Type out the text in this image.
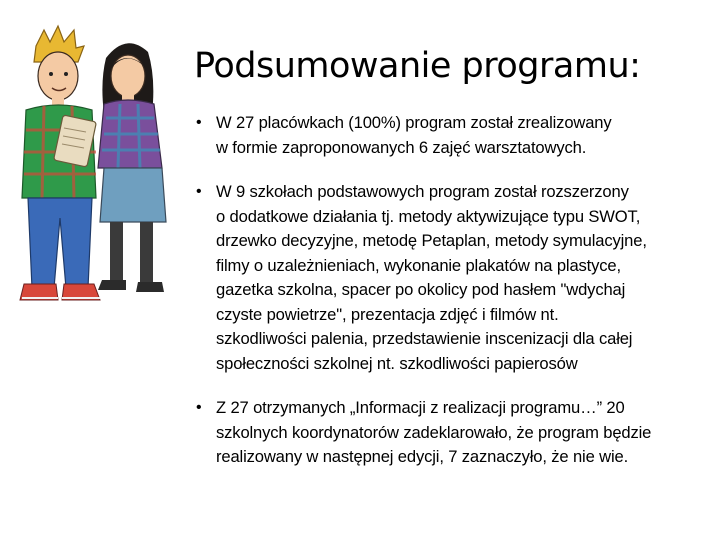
Podsumowanie programu:
• W 27 placówkach (100%) program został zrealizowany
w formie zaproponowanych 6 zajęć warsztatowych.
• W 9 szkołach podstawowych program został rozszerzony
o dodatkowe działania tj. metody aktywizujące typu SWOT,
drzewko decyzyjne, metodę Petaplan, metody symulacyjne,
filmy o uzależnieniach, wykonanie plakatów na plastyce,
gazetka szkolna, spacer po okolicy pod hasłem "wdychaj
czyste powietrze", prezentacja zdjęć i filmów nt.
szkodliwości palenia, przedstawienie inscenizacji dla całej
społeczności szkolnej nt. szkodliwości papierosów
• Z 27 otrzymanych „Informacji z realizacji programu…” 20
szkolnych koordynatorów zadeklarowało, że program będzie
realizowany w następnej edycji, 7 zaznaczyło, że nie wie.
